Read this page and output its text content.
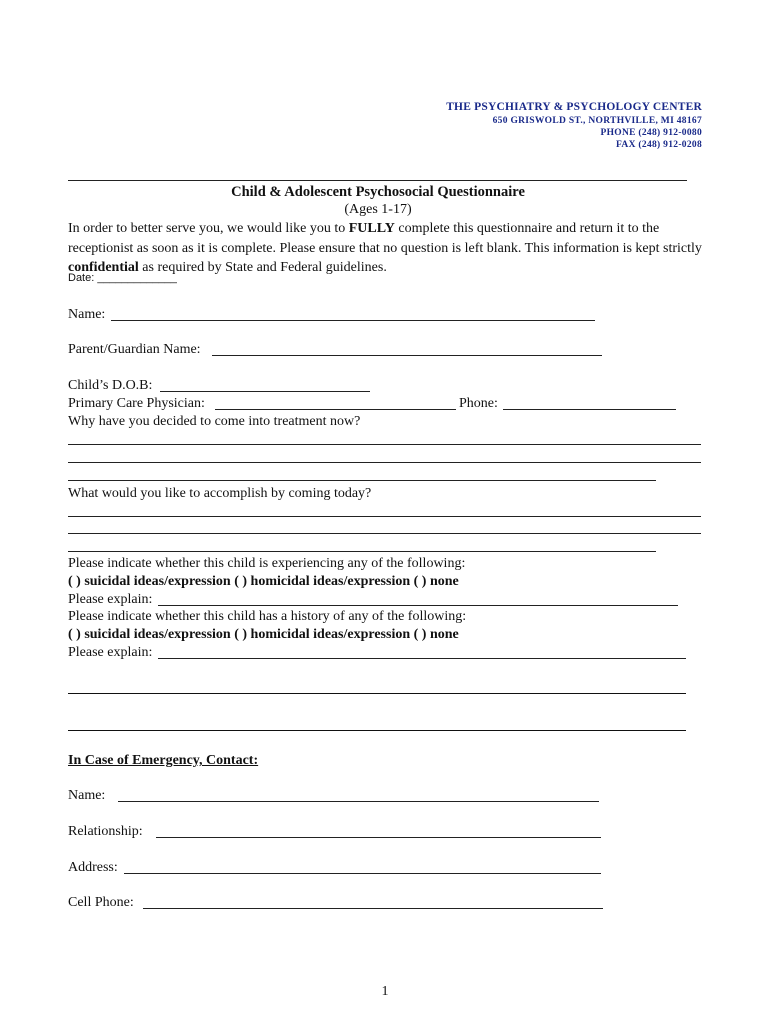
THE PSYCHIATRY & PSYCHOLOGY CENTER
650 GRISWOLD ST., NORTHVILLE, MI 48167
PHONE (248) 912-0080
FAX (248) 912-0208
Child & Adolescent Psychosocial Questionnaire
(Ages 1-17)
In order to better serve you, we would like you to FULLY complete this questionnaire and return it to the receptionist as soon as it is complete. Please ensure that no question is left blank. This information is kept strictly confidential as required by State and Federal guidelines.
Date: _____________
Name:
Parent/Guardian Name:
Child’s D.O.B:
Primary Care Physician:	Phone:
Why have you decided to come into treatment now?
What would you like to accomplish by coming today?
Please indicate whether this child is experiencing any of the following:
( ) suicidal ideas/expression ( ) homicidal ideas/expression ( ) none
Please explain:
Please indicate whether this child has a history of any of the following:
( ) suicidal ideas/expression ( ) homicidal ideas/expression ( ) none
Please explain:
In Case of Emergency, Contact:
Name:
Relationship:
Address:
Cell Phone:
1
